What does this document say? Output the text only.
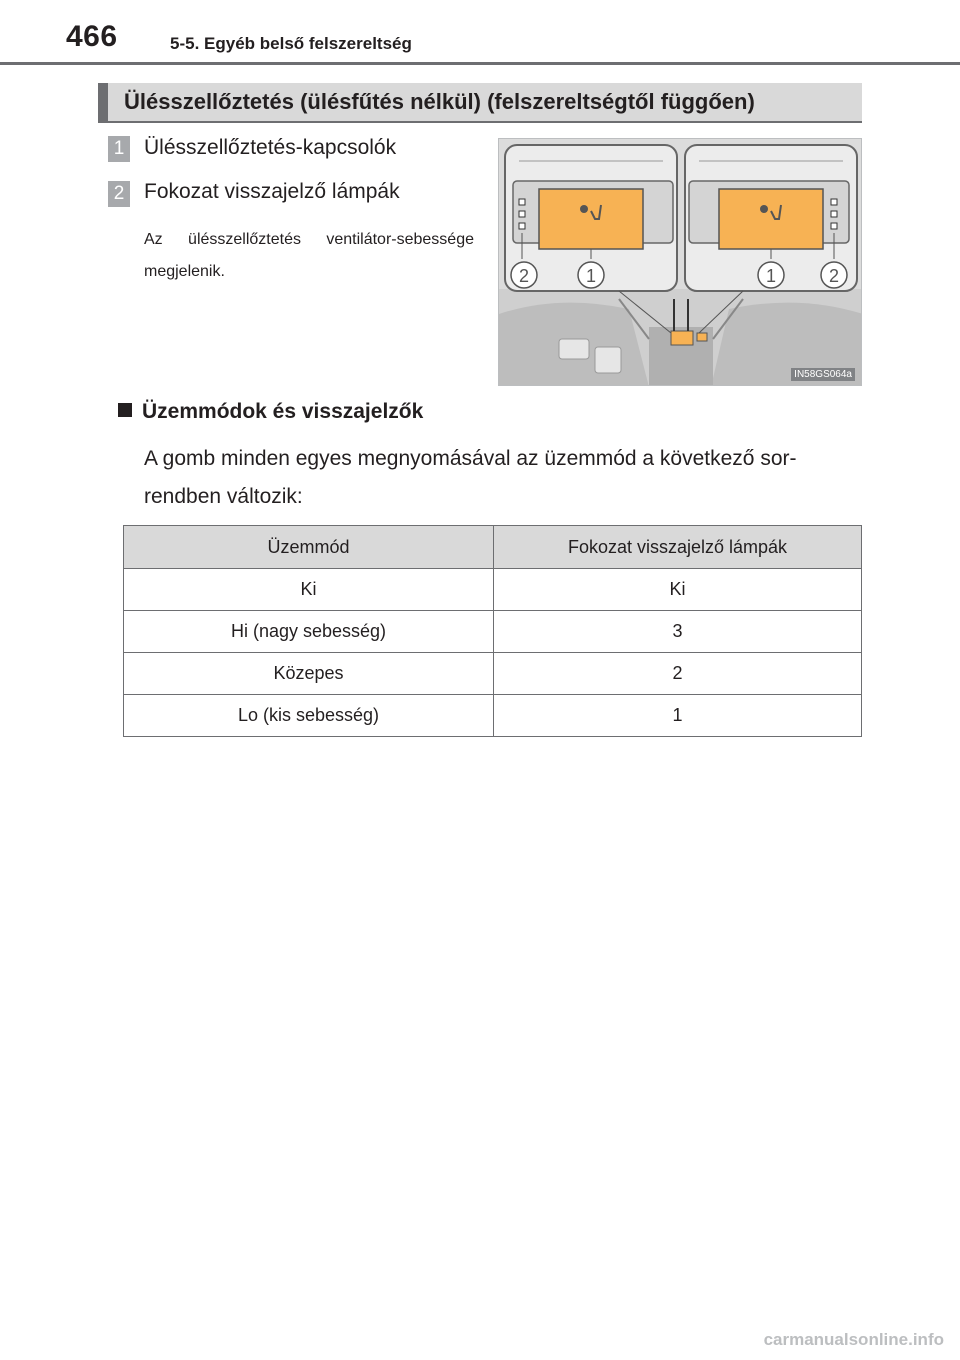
466	5-5. Egyéb belső felszereltség
Ülésszellőztetés (ülésfűtés nélkül) (felszereltségtől függően)
1 Ülésszellőztetés-kapcsolók
2 Fokozat visszajelző lámpák
Az ülésszellőztetés ventilátor-sebessége megjelenik.	2	1	1	2
IN58GS064a
Üzemmódok és visszajelzők
A gomb minden egyes megnyomásával az üzemmód a következő sorrendben változik:
Üzemmód	Fokozat visszajelző lámpák
Ki	Ki
Hi (nagy sebesség)	3
Közepes	2
Lo (kis sebesség)	1
carmanualsonline.info
